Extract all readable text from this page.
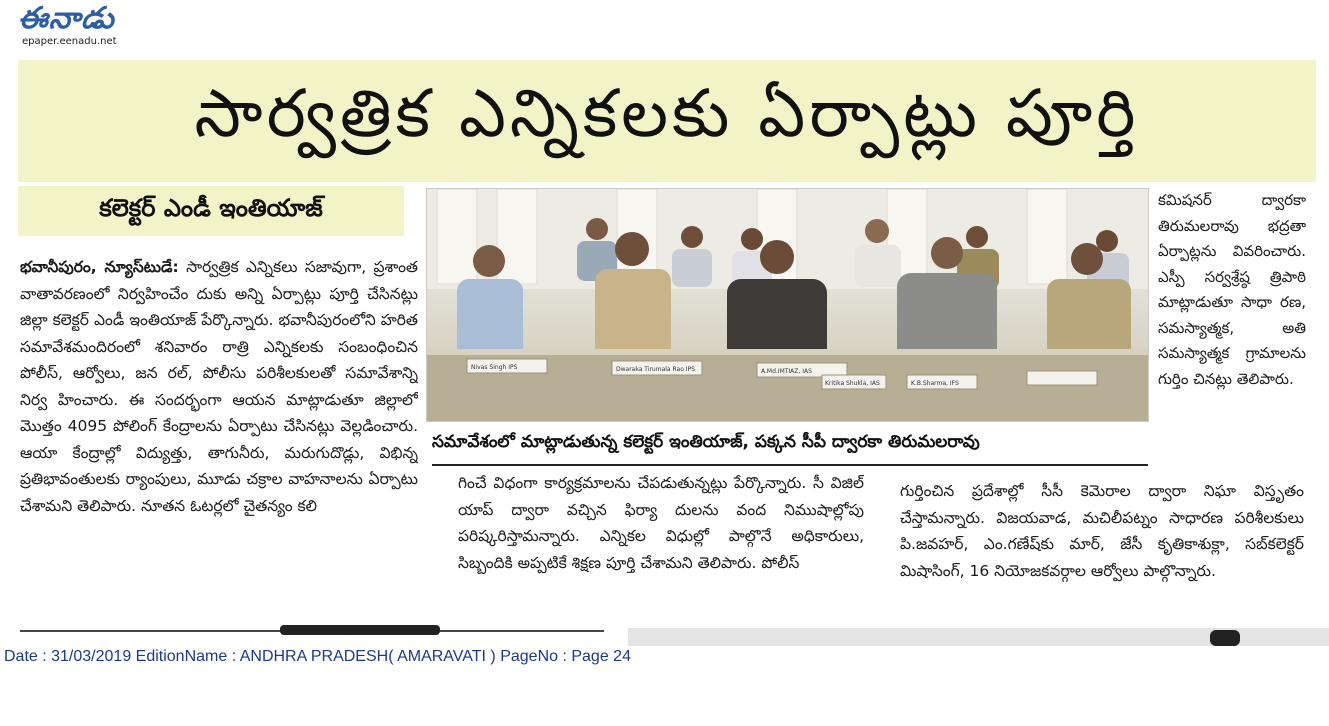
ఈనాడు
epaper.eenadu.net
సార్వత్రిక ఎన్నికలకు ఏర్పాట్లు పూర్తి
కలెక్టర్ ఎండీ ఇంతియాజ్
భవానీపురం, న్యూస్‌టుడే: సార్వత్రిక ఎన్నికలు సజావుగా, ప్రశాంత వాతావరణంలో నిర్వహించేం దుకు అన్ని ఏర్పాట్లు పూర్తి చేసినట్లు జిల్లా కలెక్టర్ ఎండీ ఇంతియాజ్ పేర్కొన్నారు. భవానీపురంలోని హరిత సమావేశమందిరంలో శనివారం రాత్రి ఎన్నికలకు సంబంధించిన పోలీస్, ఆర్వోలు, జన రల్, పోలీసు పరిశీలకులతో సమావేశాన్ని నిర్వ హించారు. ఈ సందర్భంగా ఆయన మాట్లాడుతూ జిల్లాలో మొత్తం 4095 పోలింగ్ కేంద్రాలను ఏర్పాటు చేసినట్లు వెల్లడించారు. ఆయా కేంద్రాల్లో విద్యుత్తు, తాగునీరు, మరుగుదొడ్లు, విభిన్న ప్రతిభావంతులకు ర్యాంపులు, మూడు చక్రాల వాహనాలను ఏర్పాటు చేశామని తెలిపారు. నూతన ఓటర్లలో చైతన్యం కలి
Nivas Singh IPS	Dwaraka Tirumala Rao IPS	A.Md.IMTIAZ, IAS
Kritika Shukla, IAS	K.B.Sharma, IFS
కమిషనర్ ద్వారకా తిరుమలరావు భద్రతా ఏర్పాట్లను వివరించారు. ఎస్పీ సర్వశ్రేష్ఠ త్రిపాఠి మాట్లాడుతూ సాధా రణ, సమస్యాత్మక, అతి సమస్యాత్మక గ్రామాలను గుర్తిం చినట్లు తెలిపారు.
సమావేశంలో మాట్లాడుతున్న కలెక్టర్ ఇంతియాజ్, పక్కన సీపీ ద్వారకా తిరుమలరావు
గించే విధంగా కార్యక్రమాలను చేపడుతున్నట్లు పేర్కొన్నారు. సీ విజిల్ యాప్ ద్వారా వచ్చిన ఫిర్యా దులను వంద నిముషాల్లోపు పరిష్కరిస్తామన్నారు. ఎన్నికల విధుల్లో పాల్గొనే అధికారులు, సిబ్బందికి అప్పటికే శిక్షణ పూర్తి చేశామని తెలిపారు. పోలీస్
గుర్తించిన ప్రదేశాల్లో సీసీ కెమెరాల ద్వారా నిఘా విస్తృతం చేస్తామన్నారు. విజయవాడ, మచిలీపట్నం సాధారణ పరిశీలకులు పి.జవహర్, ఎం.గణేష్‌కు మార్, జేసీ కృతికాశుక్లా, సబ్‌కలెక్టర్ మిషాసింగ్, 16 నియోజకవర్గాల ఆర్వోలు పాల్గొన్నారు.
Date : 31/03/2019 EditionName : ANDHRA PRADESH( AMARAVATI ) PageNo : Page 24
